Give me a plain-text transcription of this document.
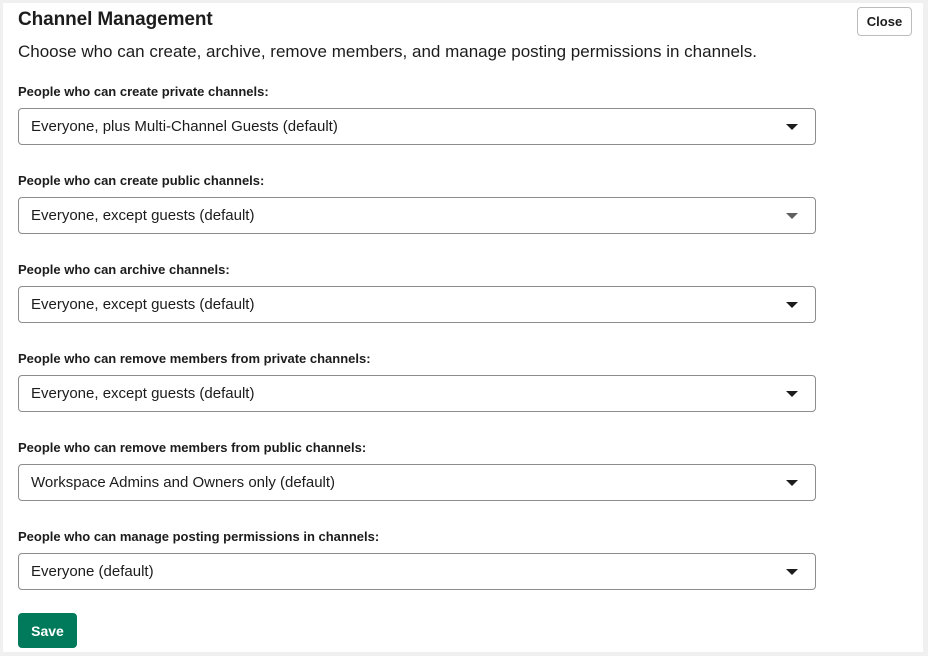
Channel Management
Choose who can create, archive, remove members, and manage posting permissions in channels.
Close
People who can create private channels:
Everyone, plus Multi-Channel Guests (default)
People who can create public channels:
Everyone, except guests (default)
People who can archive channels:
Everyone, except guests (default)
People who can remove members from private channels:
Everyone, except guests (default)
People who can remove members from public channels:
Workspace Admins and Owners only (default)
People who can manage posting permissions in channels:
Everyone (default)
Save
